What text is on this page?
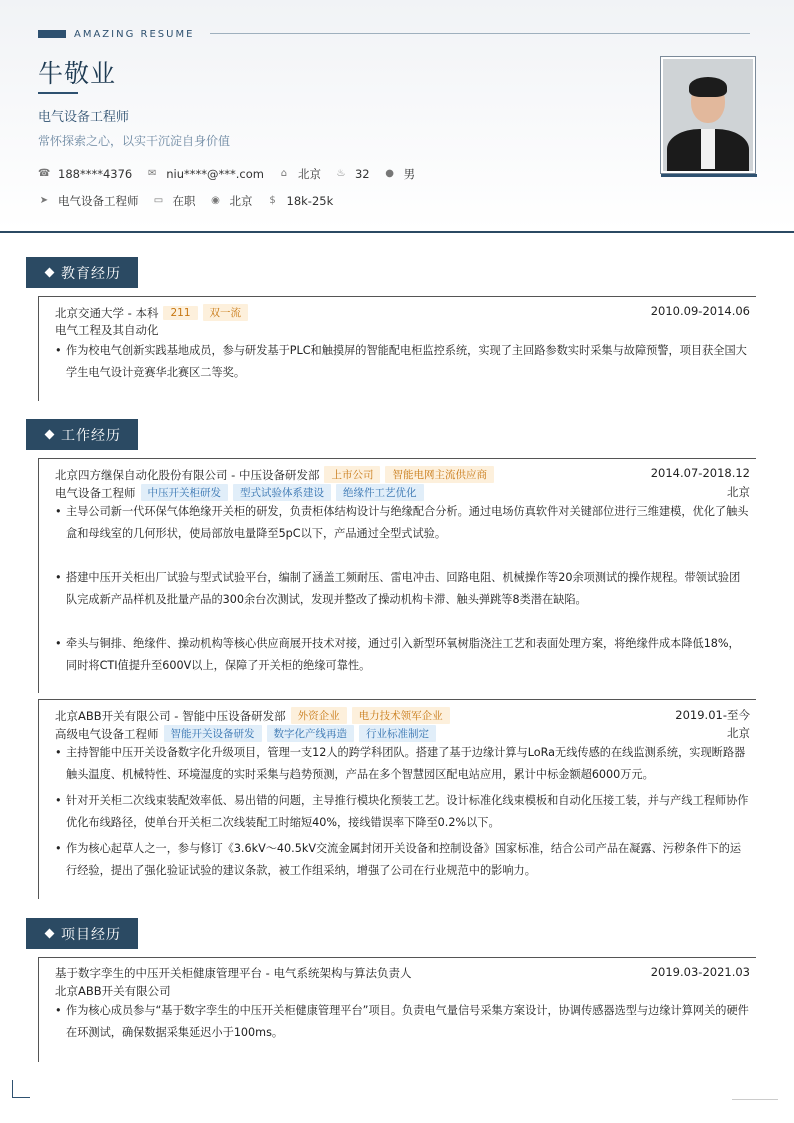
AMAZING RESUME
牛敬业
电气设备工程师
常怀探索之心，以实干沉淀自身价值
☎ 188****4376 ✉ niu****@***.com ⌂ 北京 ♨ 32 ● 男
➤ 电气设备工程师 ▭ 在职 ◉ 北京 $ 18k-25k
教育经历
北京交通大学 - 本科	211	双一流	2010.09-2014.06
电气工程及其自动化
• 作为校电气创新实践基地成员，参与研发基于PLC和触摸屏的智能配电柜监控系统，实现了主回路参数实时采集与故障预警，项目获全国大学生电气设计竞赛华北赛区二等奖。
工作经历
北京四方继保自动化股份有限公司 - 中压设备研发部	上市公司	智能电网主流供应商	2014.07-2018.12
电气设备工程师	中压开关柜研发	型式试验体系建设	绝缘件工艺优化	北京
• 主导公司新一代环保气体绝缘开关柜的研发，负责柜体结构设计与绝缘配合分析。通过电场仿真软件对关键部位进行三维建模，优化了触头盒和母线室的几何形状，使局部放电量降至5pC以下，产品通过全型式试验。
• 搭建中压开关柜出厂试验与型式试验平台，编制了涵盖工频耐压、雷电冲击、回路电阻、机械操作等20余项测试的操作规程。带领试验团队完成新产品样机及批量产品的300余台次测试，发现并整改了操动机构卡滞、触头弹跳等8类潜在缺陷。
• 牵头与铜排、绝缘件、操动机构等核心供应商展开技术对接，通过引入新型环氧树脂浇注工艺和表面处理方案，将绝缘件成本降低18%，同时将CTI值提升至600V以上，保障了开关柜的绝缘可靠性。
北京ABB开关有限公司 - 智能中压设备研发部	外资企业	电力技术领军企业	2019.01-至今
高级电气设备工程师	智能开关设备研发	数字化产线再造	行业标准制定	北京
• 主持智能中压开关设备数字化升级项目，管理一支12人的跨学科团队。搭建了基于边缘计算与LoRa无线传感的在线监测系统，实现断路器触头温度、机械特性、环境湿度的实时采集与趋势预测，产品在多个智慧园区配电站应用，累计中标金额超6000万元。
• 针对开关柜二次线束装配效率低、易出错的问题，主导推行模块化预装工艺。设计标准化线束模板和自动化压接工装，并与产线工程师协作优化布线路径，使单台开关柜二次线装配工时缩短40%，接线错误率下降至0.2%以下。
• 作为核心起草人之一，参与修订《3.6kV～40.5kV交流金属封闭开关设备和控制设备》国家标准，结合公司产品在凝露、污秽条件下的运行经验，提出了强化验证试验的建议条款，被工作组采纳，增强了公司在行业规范中的影响力。
项目经历
基于数字孪生的中压开关柜健康管理平台 - 电气系统架构与算法负责人	2019.03-2021.03
北京ABB开关有限公司
• 作为核心成员参与“基于数字孪生的中压开关柜健康管理平台”项目。负责电气量信号采集方案设计，协调传感器选型与边缘计算网关的硬件在环测试，确保数据采集延迟小于100ms。
